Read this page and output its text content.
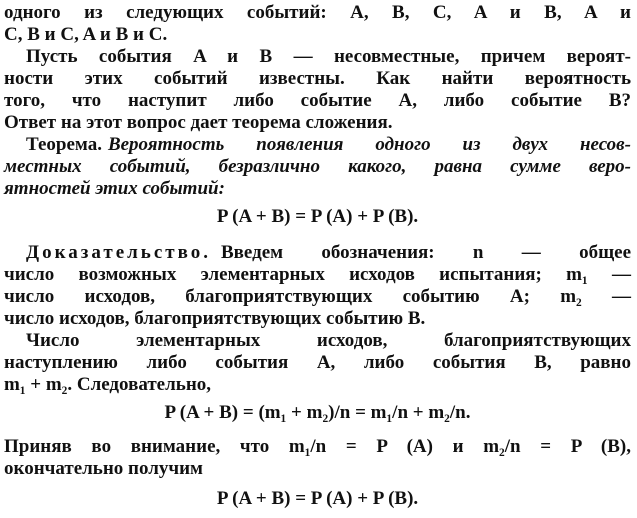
одного из следующих событий: A, B, C, A и B, A и
C, B и C, A и B и C.
Пусть события A и B — несовместные, причем вероят-
ности этих событий известны. Как найти вероятность
того, что наступит либо событие A, либо событие B?
Ответ на этот вопрос дает теорема сложения.
Теорема. Вероятность появления одного из двух несов-
местных событий, безразлично какого, равна сумме веро-
ятностей этих событий:
P (A + B) = P (A) + P (B).
Доказательство. Введем обозначения: n — общее
число возможных элементарных исходов испытания; m₁ —
число исходов, благоприятствующих событию A; m₂ —
число исходов, благоприятствующих событию B.
Число элементарных исходов, благоприятствующих
наступлению либо события A, либо события B, равно
m₁ + m₂. Следовательно,
P (A + B) = (m₁ + m₂)/n = m₁/n + m₂/n.
Приняв во внимание, что m₁/n = P (A) и m₂/n = P (B),
окончательно получим
P (A + B) = P (A) + P (B).
